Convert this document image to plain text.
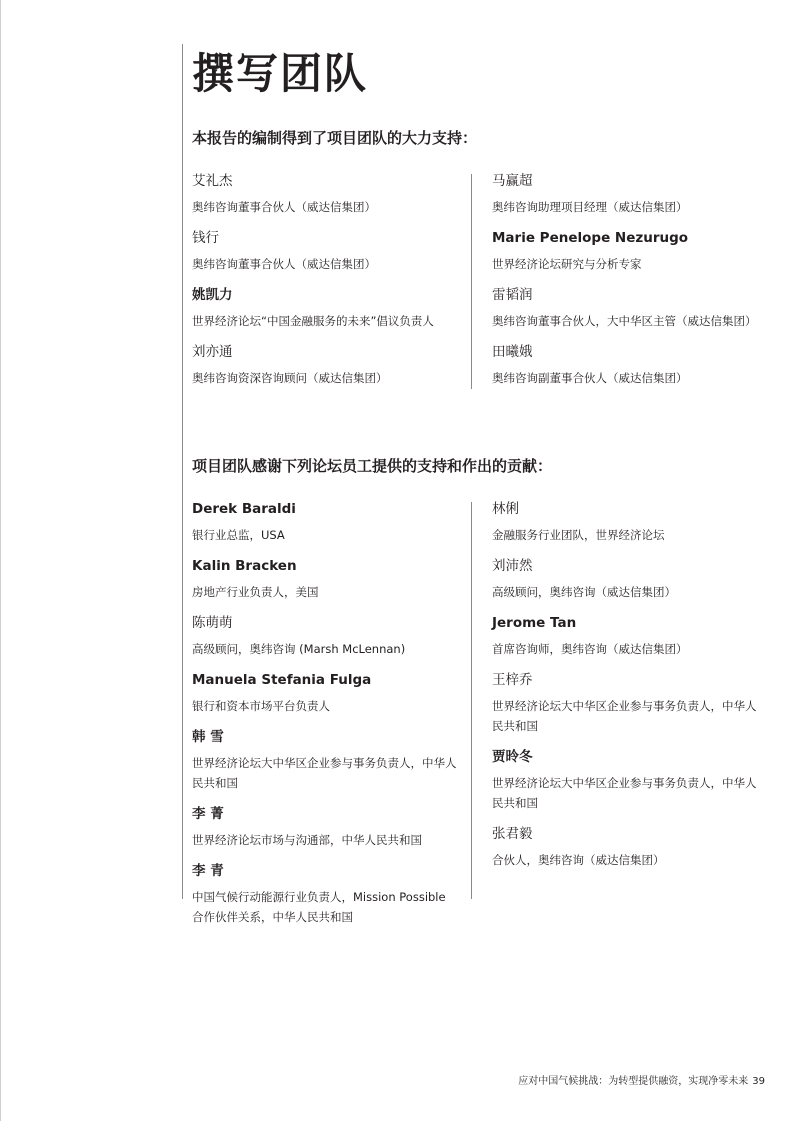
撰写团队
本报告的编制得到了项目团队的大力支持：
艾礼杰
奥纬咨询董事合伙人（威达信集团）
钱行
奥纬咨询董事合伙人（威达信集团）
姚凯力
世界经济论坛“中国金融服务的未来”倡议负责人
刘亦通
奥纬咨询资深咨询顾问（威达信集团）
马赢超
奥纬咨询助理项目经理（威达信集团）
Marie Penelope Nezurugo
世界经济论坛研究与分析专家
雷韬润
奥纬咨询董事合伙人，大中华区主管（威达信集团）
田曦娥
奥纬咨询副董事合伙人（威达信集团）
项目团队感谢下列论坛员工提供的支持和作出的贡献：
Derek Baraldi
银行业总监，USA
Kalin Bracken
房地产行业负责人，美国
陈萌萌
高级顾问，奥纬咨询 (Marsh McLennan)
Manuela Stefania Fulga
银行和资本市场平台负责人
韩 雪
世界经济论坛大中华区企业参与事务负责人，中华人民共和国
李 菁
世界经济论坛市场与沟通部，中华人民共和国
李 青
中国气候行动能源行业负责人，Mission Possible 合作伙伴关系，中华人民共和国
林俐
金融服务行业团队，世界经济论坛
刘沛然
高级顾问，奥纬咨询（威达信集团）
Jerome Tan
首席咨询师，奥纬咨询（威达信集团）
王梓乔
世界经济论坛大中华区企业参与事务负责人，中华人民共和国
贾昤冬
世界经济论坛大中华区企业参与事务负责人，中华人民共和国
张君毅
合伙人，奥纬咨询（威达信集团）
应对中国气候挑战：为转型提供融资，实现净零未来 39
